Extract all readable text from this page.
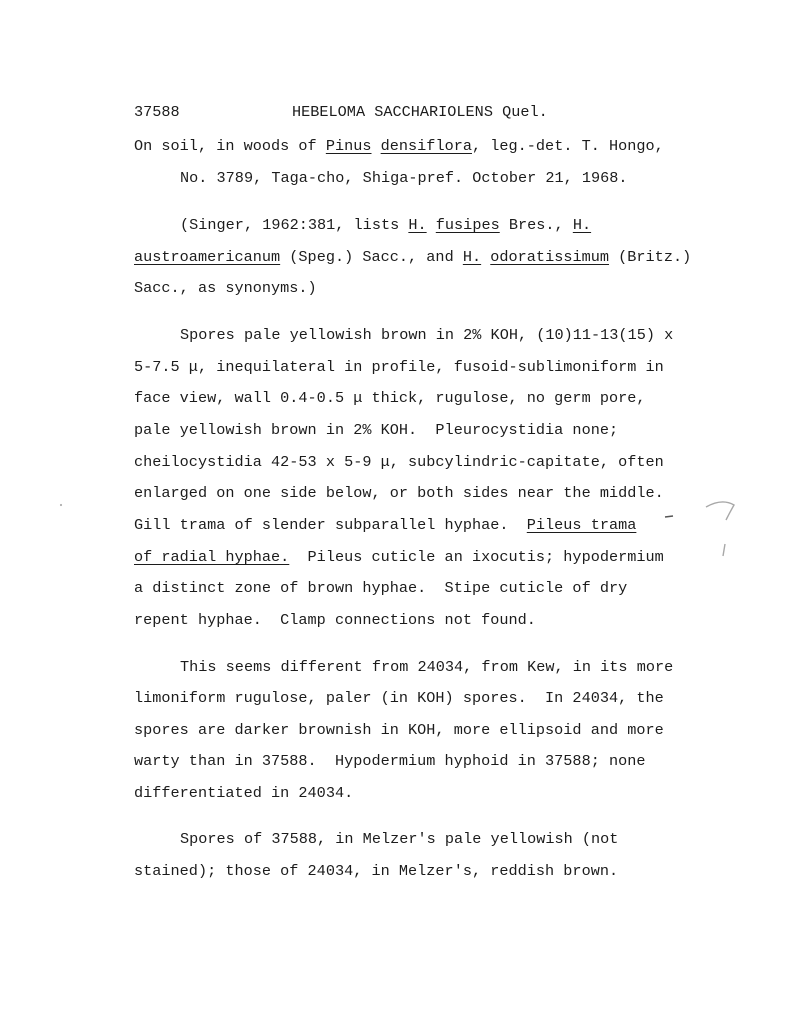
37588	HEBELOMA SACCHARIOLENS Quel.
On soil, in woods of Pinus densiflora, leg.-det. T. Hongo,
No. 3789, Taga-cho, Shiga-pref. October 21, 1968.
(Singer, 1962:381, lists H. fusipes Bres., H.
austroamericanum (Speg.) Sacc., and H. odoratissimum (Britz.)
Sacc., as synonyms.)
Spores pale yellowish brown in 2% KOH, (10)11-13(15) x
5-7.5 μ, inequilateral in profile, fusoid-sublimoniform in
face view, wall 0.4-0.5 μ thick, rugulose, no germ pore,
pale yellowish brown in 2% KOH.  Pleurocystidia none;
cheilocystidia 42-53 x 5-9 μ, subcylindric-capitate, often
enlarged on one side below, or both sides near the middle.
Gill trama of slender subparallel hyphae.  Pileus trama
of radial hyphae.  Pileus cuticle an ixocutis; hypodermium
a distinct zone of brown hyphae.  Stipe cuticle of dry
repent hyphae.  Clamp connections not found.
This seems different from 24034, from Kew, in its more
limoniform rugulose, paler (in KOH) spores.  In 24034, the
spores are darker brownish in KOH, more ellipsoid and more
warty than in 37588.  Hypodermium hyphoid in 37588; none
differentiated in 24034.
Spores of 37588, in Melzer's pale yellowish (not
stained); those of 24034, in Melzer's, reddish brown.
